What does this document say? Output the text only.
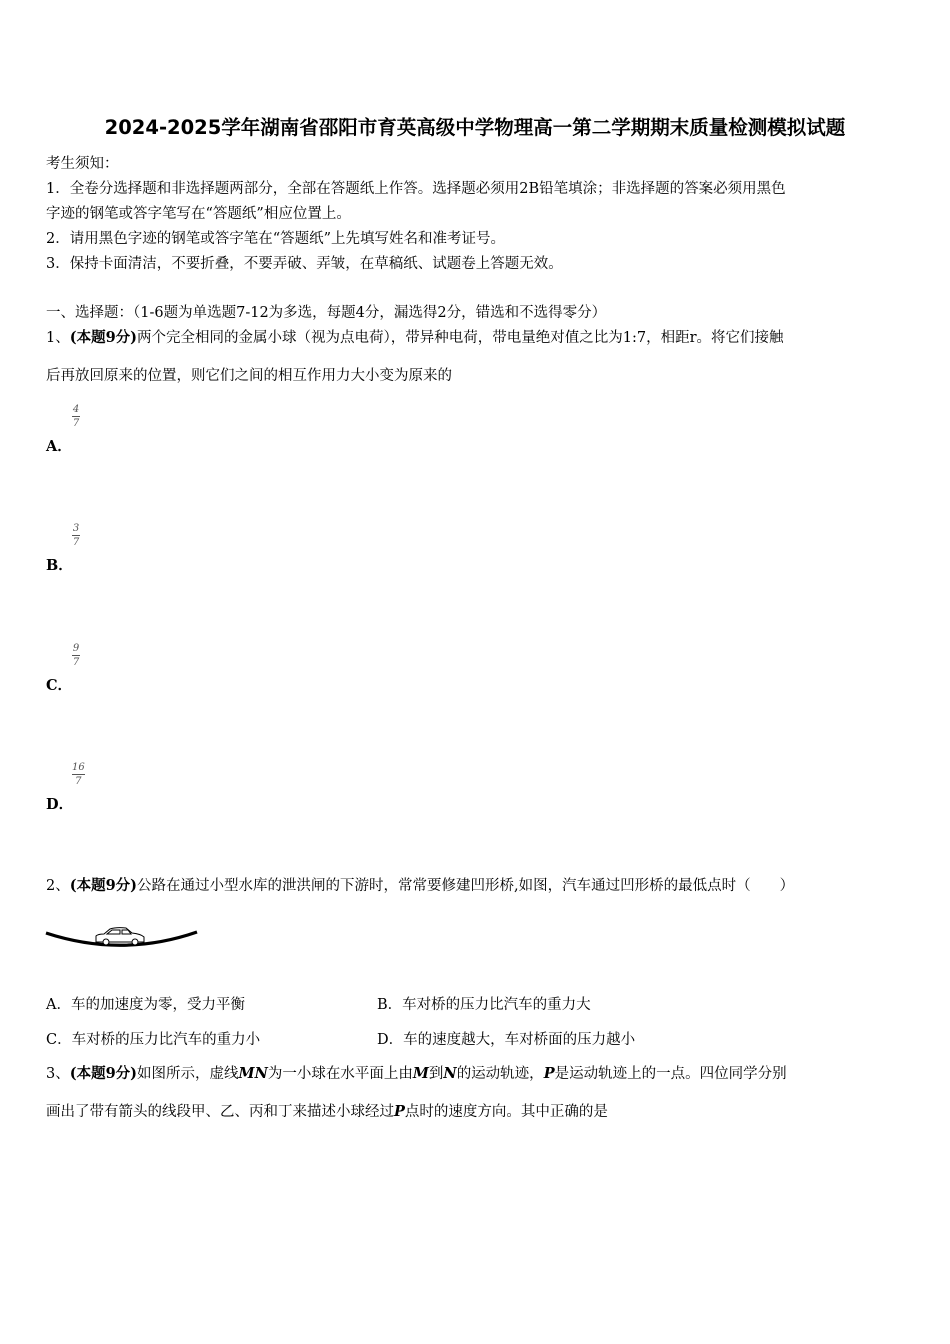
2024-2025学年湖南省邵阳市育英高级中学物理高一第二学期期末质量检测模拟试题
考生须知：
1．全卷分选择题和非选择题两部分，全部在答题纸上作答。选择题必须用2B铅笔填涂；非选择题的答案必须用黑色
字迹的钢笔或答字笔写在“答题纸”相应位置上。
2．请用黑色字迹的钢笔或答字笔在“答题纸”上先填写姓名和准考证号。
3．保持卡面清洁，不要折叠，不要弄破、弄皱，在草稿纸、试题卷上答题无效。
一、选择题：（1-6题为单选题7-12为多选，每题4分，漏选得2分，错选和不选得零分）
1、(本题9分)两个完全相同的金属小球（视为点电荷），带异种电荷，带电量绝对值之比为1:7，相距r。将它们接触
后再放回原来的位置，则它们之间的相互作用力大小变为原来的
4
7
A．
3
7
B．
9
7
C．
16
7
D．
2、(本题9分)公路在通过小型水库的泄洪闸的下游时，常常要修建凹形桥,如图，汽车通过凹形桥的最低点时（　　）
A．车的加速度为零，受力平衡	B．车对桥的压力比汽车的重力大
C．车对桥的压力比汽车的重力小	D．车的速度越大，车对桥面的压力越小
3、(本题9分)如图所示，虚线MN为一小球在水平面上由M到N的运动轨迹，P是运动轨迹上的一点。四位同学分别
画出了带有箭头的线段甲、乙、丙和丁来描述小球经过P点时的速度方向。其中正确的是
